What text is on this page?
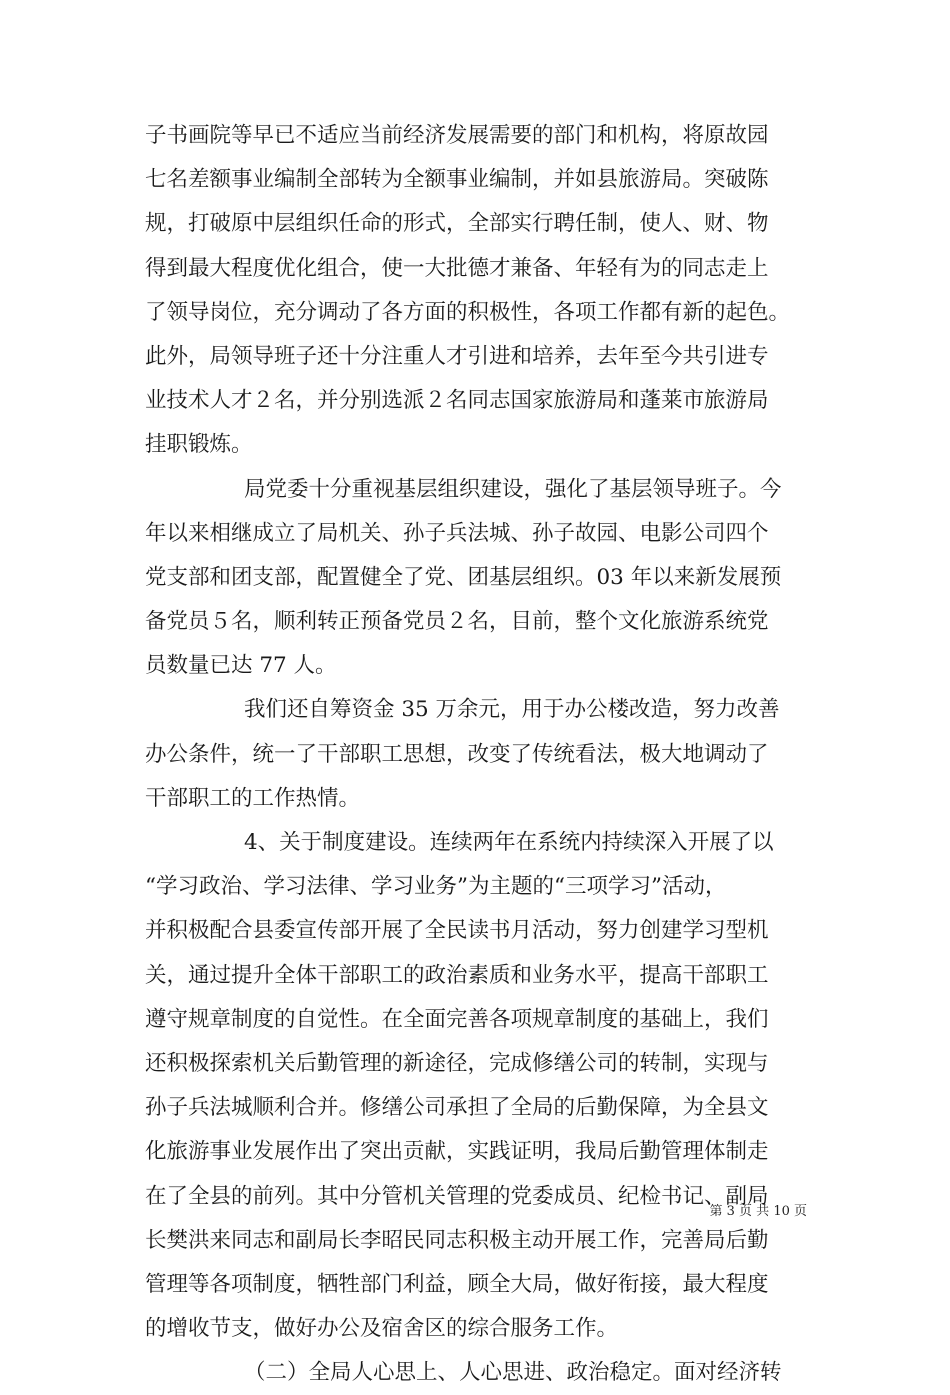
子书画院等早已不适应当前经济发展需要的部门和机构，将原故园
七名差额事业编制全部转为全额事业编制，并如县旅游局。突破陈
规，打破原中层组织任命的形式，全部实行聘任制，使人、财、物
得到最大程度优化组合，使一大批德才兼备、年轻有为的同志走上
了领导岗位，充分调动了各方面的积极性，各项工作都有新的起色。
此外，局领导班子还十分注重人才引进和培养，去年至今共引进专
业技术人才２名，并分别选派２名同志国家旅游局和蓬莱市旅游局
挂职锻炼。
局党委十分重视基层组织建设，强化了基层领导班子。今
年以来相继成立了局机关、孙子兵法城、孙子故园、电影公司四个
党支部和团支部，配置健全了党、团基层组织。03 年以来新发展预
备党员５名，顺利转正预备党员２名，目前，整个文化旅游系统党
员数量已达 77 人。
我们还自筹资金 35 万余元，用于办公楼改造，努力改善
办公条件，统一了干部职工思想，改变了传统看法，极大地调动了
干部职工的工作热情。
4、关于制度建设。连续两年在系统内持续深入开展了以
“学习政治、学习法律、学习业务”为主题的“三项学习”活动，
并积极配合县委宣传部开展了全民读书月活动，努力创建学习型机
关，通过提升全体干部职工的政治素质和业务水平，提高干部职工
遵守规章制度的自觉性。在全面完善各项规章制度的基础上，我们
还积极探索机关后勤管理的新途径，完成修缮公司的转制，实现与
孙子兵法城顺利合并。修缮公司承担了全局的后勤保障，为全县文
化旅游事业发展作出了突出贡献，实践证明，我局后勤管理体制走
在了全县的前列。其中分管机关管理的党委成员、纪检书记、副局
长樊洪来同志和副局长李昭民同志积极主动开展工作，完善局后勤
管理等各项制度，牺牲部门利益，顾全大局，做好衔接，最大程度
的增收节支，做好办公及宿舍区的综合服务工作。
（二）全局人心思上、人心思进、政治稳定。面对经济转
第 3 页 共 10 页
